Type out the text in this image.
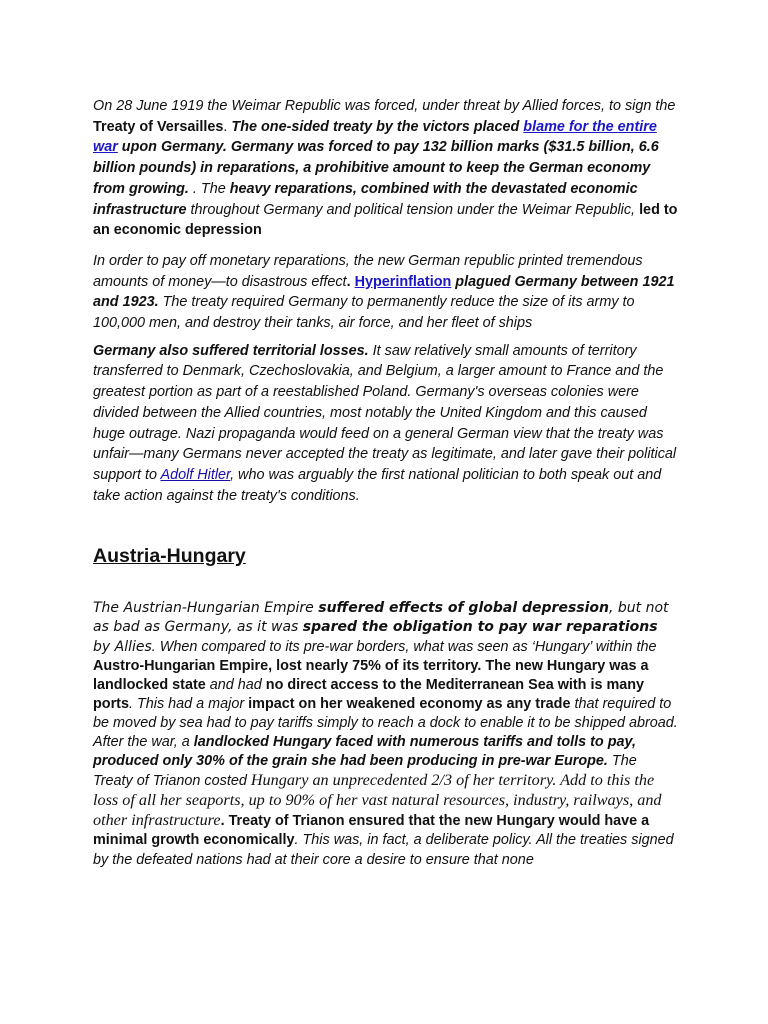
On 28 June 1919 the Weimar Republic was forced, under threat by Allied forces, to sign the Treaty of Versailles. The one-sided treaty by the victors placed blame for the entire war upon Germany. Germany was forced to pay 132 billion marks ($31.5 billion, 6.6 billion pounds) in reparations, a prohibitive amount to keep the German economy from growing. . The heavy reparations, combined with the devastated economic infrastructure throughout Germany and political tension under the Weimar Republic, led to an economic depression

In order to pay off monetary reparations, the new German republic printed tremendous amounts of money—to disastrous effect. Hyperinflation plagued Germany between 1921 and 1923. The treaty required Germany to permanently reduce the size of its army to 100,000 men, and destroy their tanks, air force, and her fleet of ships

Germany also suffered territorial losses. It saw relatively small amounts of territory transferred to Denmark, Czechoslovakia, and Belgium, a larger amount to France and the greatest portion as part of a reestablished Poland. Germany's overseas colonies were divided between the Allied countries, most notably the United Kingdom and this caused huge outrage. Nazi propaganda would feed on a general German view that the treaty was unfair—many Germans never accepted the treaty as legitimate, and later gave their political support to Adolf Hitler, who was arguably the first national politician to both speak out and take action against the treaty's conditions.

Austria-Hungary

The Austrian-Hungarian Empire suffered effects of global depression, but not as bad as Germany, as it was spared the obligation to pay war reparations by Allies. When compared to its pre-war borders, what was seen as ‘Hungary’ within the Austro-Hungarian Empire, lost nearly 75% of its territory. The new Hungary was a landlocked state and had no direct access to the Mediterranean Sea with is many ports. This had a major impact on her weakened economy as any trade that required to be moved by sea had to pay tariffs simply to reach a dock to enable it to be shipped abroad. After the war, a landlocked Hungary faced with numerous tariffs and tolls to pay, produced only 30% of the grain she had been producing in pre-war Europe. The Treaty of Trianon costed Hungary an unprecedented 2/3 of her territory. Add to this the loss of all her seaports, up to 90% of her vast natural resources, industry, railways, and other infrastructure. Treaty of Trianon ensured that the new Hungary would have a minimal growth economically. This was, in fact, a deliberate policy. All the treaties signed by the defeated nations had at their core a desire to ensure that none
